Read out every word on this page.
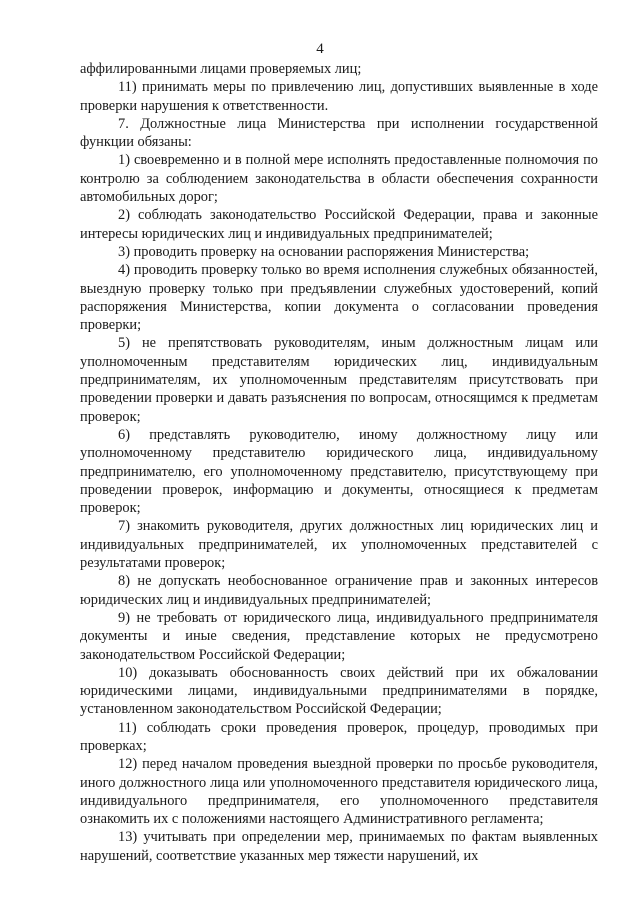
4

аффилированными лицами проверяемых лиц;

11) принимать меры по привлечению лиц, допустивших выявленные в ходе проверки нарушения к ответственности.

7. Должностные лица Министерства при исполнении государственной функции обязаны:

1) своевременно и в полной мере исполнять предоставленные полномочия по контролю за соблюдением законодательства в области обеспечения сохранности автомобильных дорог;

2) соблюдать законодательство Российской Федерации, права и законные интересы юридических лиц и индивидуальных предпринимателей;

3) проводить проверку на основании распоряжения Министерства;

4) проводить проверку только во время исполнения служебных обязанностей, выездную проверку только при предъявлении служебных удостоверений, копий распоряжения Министерства, копии документа о согласовании проведения проверки;

5) не препятствовать руководителям, иным должностным лицам или уполномоченным представителям юридических лиц, индивидуальным предпринимателям, их уполномоченным представителям присутствовать при проведении проверки и давать разъяснения по вопросам, относящимся к предметам проверок;

6) представлять руководителю, иному должностному лицу или уполномоченному представителю юридического лица, индивидуальному предпринимателю, его уполномоченному представителю, присутствующему при проведении проверок, информацию и документы, относящиеся к предметам проверок;

7) знакомить руководителя, других должностных лиц юридических лиц и индивидуальных предпринимателей, их уполномоченных представителей с результатами проверок;

8) не допускать необоснованное ограничение прав и законных интересов юридических лиц и индивидуальных предпринимателей;

9) не требовать от юридического лица, индивидуального предпринимателя документы и иные сведения, представление которых не предусмотрено законодательством Российской Федерации;

10) доказывать обоснованность своих действий при их обжаловании юридическими лицами, индивидуальными предпринимателями в порядке, установленном законодательством Российской Федерации;

11) соблюдать сроки проведения проверок, процедур, проводимых при проверках;

12) перед началом проведения выездной проверки по просьбе руководителя, иного должностного лица или уполномоченного представителя юридического лица, индивидуального предпринимателя, его уполномоченного представителя ознакомить их с положениями настоящего Административного регламента;

13) учитывать при определении мер, принимаемых по фактам выявленных нарушений, соответствие указанных мер тяжести нарушений, их
